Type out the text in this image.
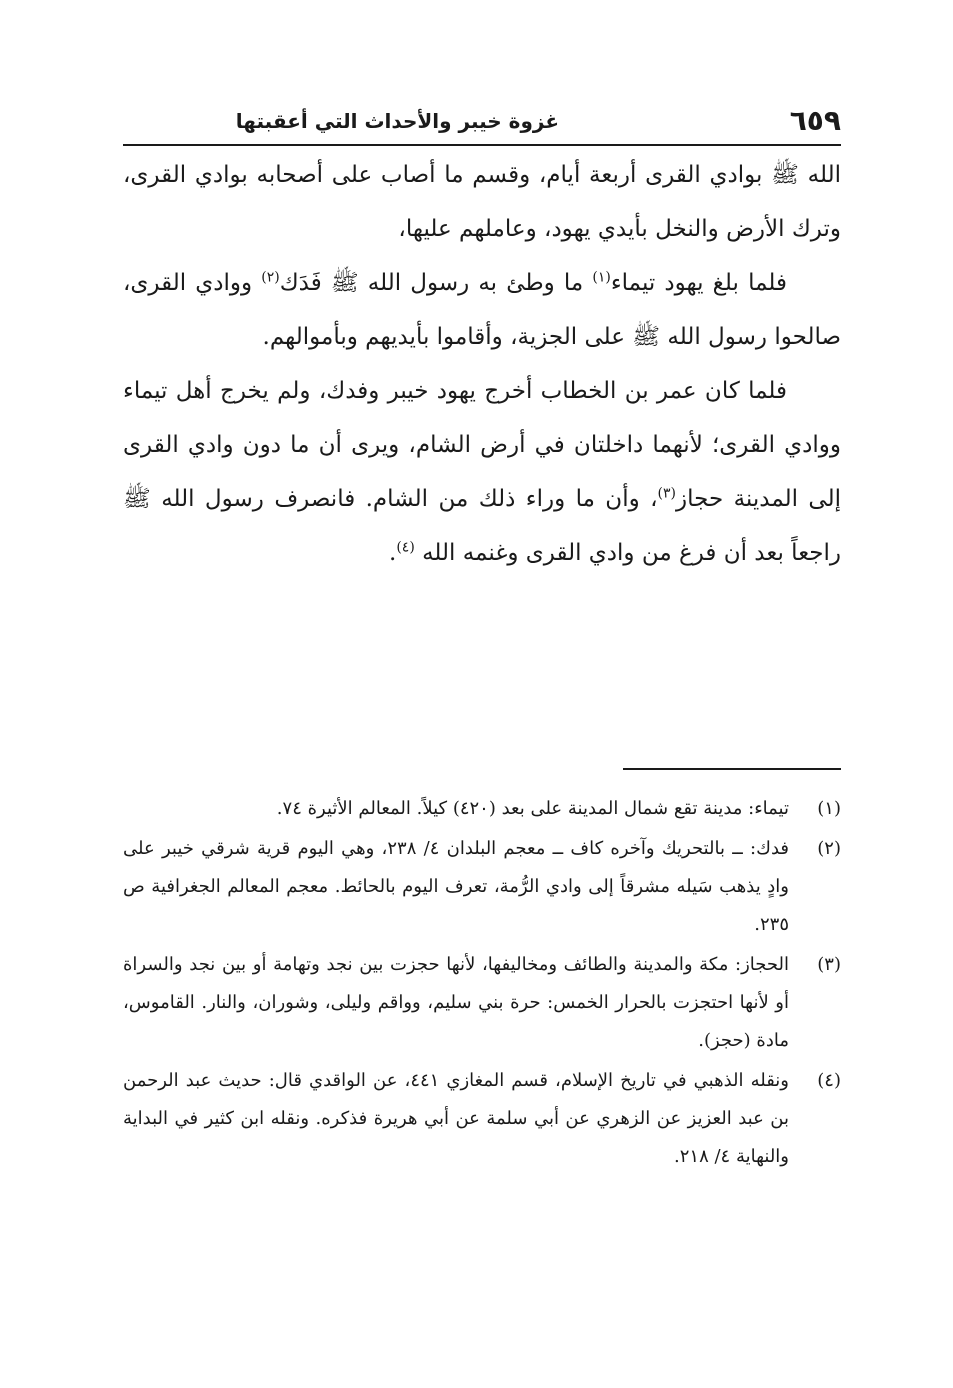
٦٥٩
غزوة خيبر والأحداث التي أعقبتها

الله ﷺ بوادي القرى أربعة أيام، وقسم ما أصاب على أصحابه بوادي القرى، وترك الأرض والنخل بأيدي يهود، وعاملهم عليها،

فلما بلغ يهود تيماء$^{(١)}$ ما وطئ به رسول الله ﷺ فَدَك$^{(٢)}$ ووادي القرى، صالحوا رسول الله ﷺ على الجزية، وأقاموا بأيديهم وبأموالهم.

فلما كان عمر بن الخطاب أخرج يهود خيبر وفدك، ولم يخرج أهل تيماء ووادي القرى؛ لأنهما داخلتان في أرض الشام، ويرى أن ما دون وادي القرى إلى المدينة حجاز$^{(٣)}$، وأن ما وراء ذلك من الشام. فانصرف رسول الله ﷺ راجعاً بعد أن فرغ من وادي القرى وغنمه الله $^{(٤)}$.

(١)
تيماء: مدينة تقع شمال المدينة على بعد (٤٢٠) كيلاً. المعالم الأثيرة ٧٤.
(٢)
فدك: ــ بالتحريك وآخره كاف ــ معجم البلدان ٤/ ٢٣٨، وهي اليوم قرية شرقي خيبر على وادٍ يذهب سَيله مشرقاً إلى وادي الرُّمة، تعرف اليوم بالحائط. معجم المعالم الجغرافية ص ٢٣٥.
(٣)
الحجاز: مكة والمدينة والطائف ومخاليفها، لأنها حجزت بين نجد وتهامة أو بين نجد والسراة أو لأنها احتجزت بالحرار الخمس: حرة بني سليم، وواقم وليلى، وشوران، والنار. القاموس، مادة (حجز).
(٤)
ونقله الذهبي في تاريخ الإسلام، قسم المغازي ٤٤١، عن الواقدي قال: حديث عبد الرحمن بن عبد العزيز عن الزهري عن أبي سلمة عن أبي هريرة فذكره. ونقله ابن كثير في البداية والنهاية ٤/ ٢١٨.
